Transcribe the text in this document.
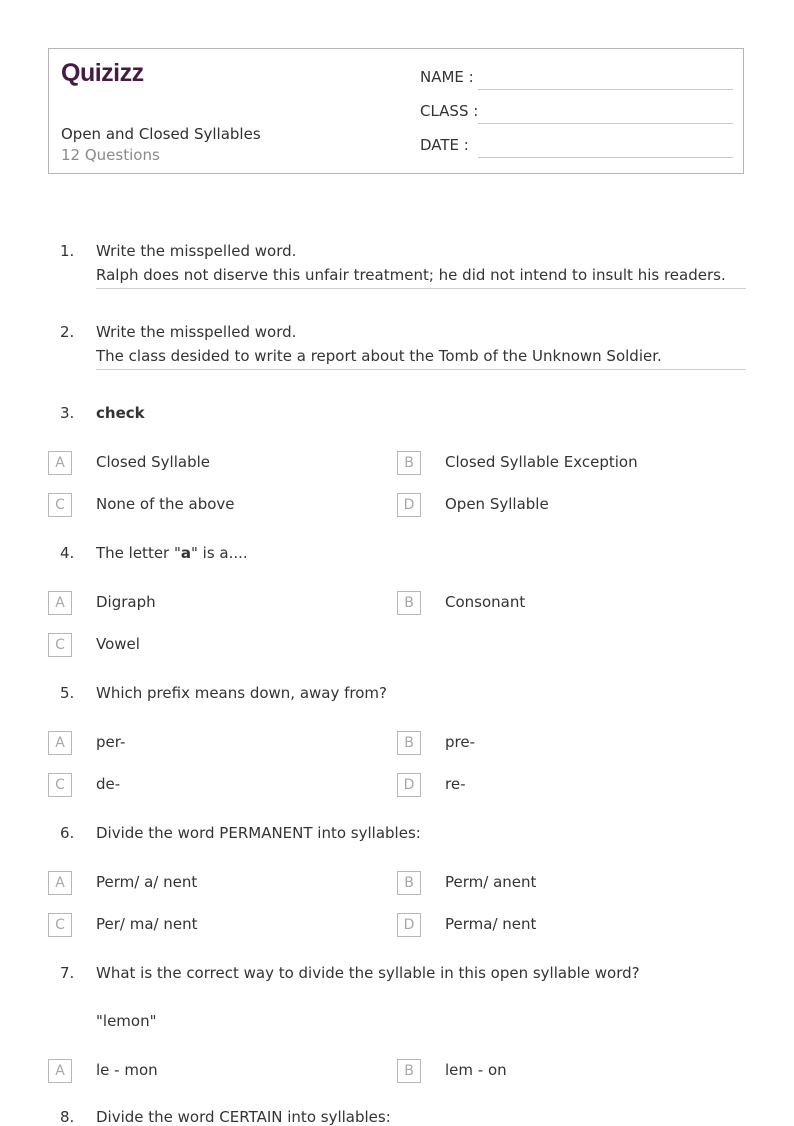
Quizizz
Open and Closed Syllables
12 Questions
NAME :
CLASS :
DATE :
1. Write the misspelled word.
Ralph does not diserve this unfair treatment; he did not intend to insult his readers.
2. Write the misspelled word.
The class desided to write a report about the Tomb of the Unknown Soldier.
3. check
A	Closed Syllable	B	Closed Syllable Exception
C	None of the above	D	Open Syllable
4. The letter "a" is a....
A	Digraph	B	Consonant
C	Vowel
5. Which prefix means down, away from?
A	per-	B	pre-
C	de-	D	re-
6. Divide the word PERMANENT into syllables:
A	Perm/ a/ nent	B	Perm/ anent
C	Per/ ma/ nent	D	Perma/ nent
7. What is the correct way to divide the syllable in this open syllable word?
"lemon"
A	le - mon	B	lem - on
8. Divide the word CERTAIN into syllables:
